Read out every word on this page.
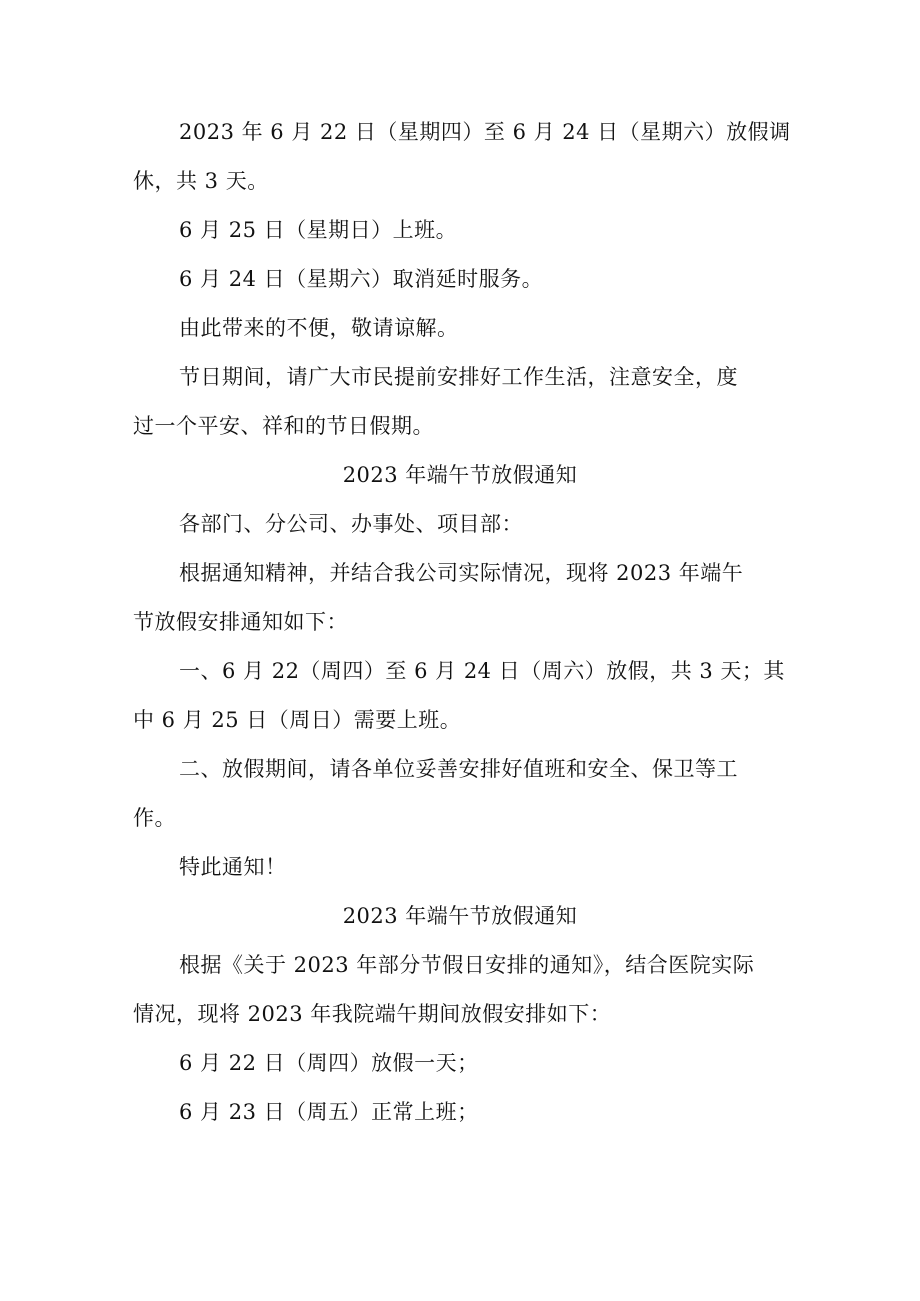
2023 年 6 月 22 日（星期四）至 6 月 24 日（星期六）放假调
休，共 3 天。
6 月 25 日（星期日）上班。
6 月 24 日（星期六）取消延时服务。
由此带来的不便，敬请谅解。
节日期间，请广大市民提前安排好工作生活，注意安全，度
过一个平安、祥和的节日假期。
2023 年端午节放假通知
各部门、分公司、办事处、项目部：
根据通知精神，并结合我公司实际情况，现将 2023 年端午
节放假安排通知如下：
一、6 月 22（周四）至 6 月 24 日（周六）放假，共 3 天；其
中 6 月 25 日（周日）需要上班。
二、放假期间，请各单位妥善安排好值班和安全、保卫等工
作。
特此通知！
2023 年端午节放假通知
根据《关于 2023 年部分节假日安排的通知》，结合医院实际
情况，现将 2023 年我院端午期间放假安排如下：
6 月 22 日（周四）放假一天；
6 月 23 日（周五）正常上班；
